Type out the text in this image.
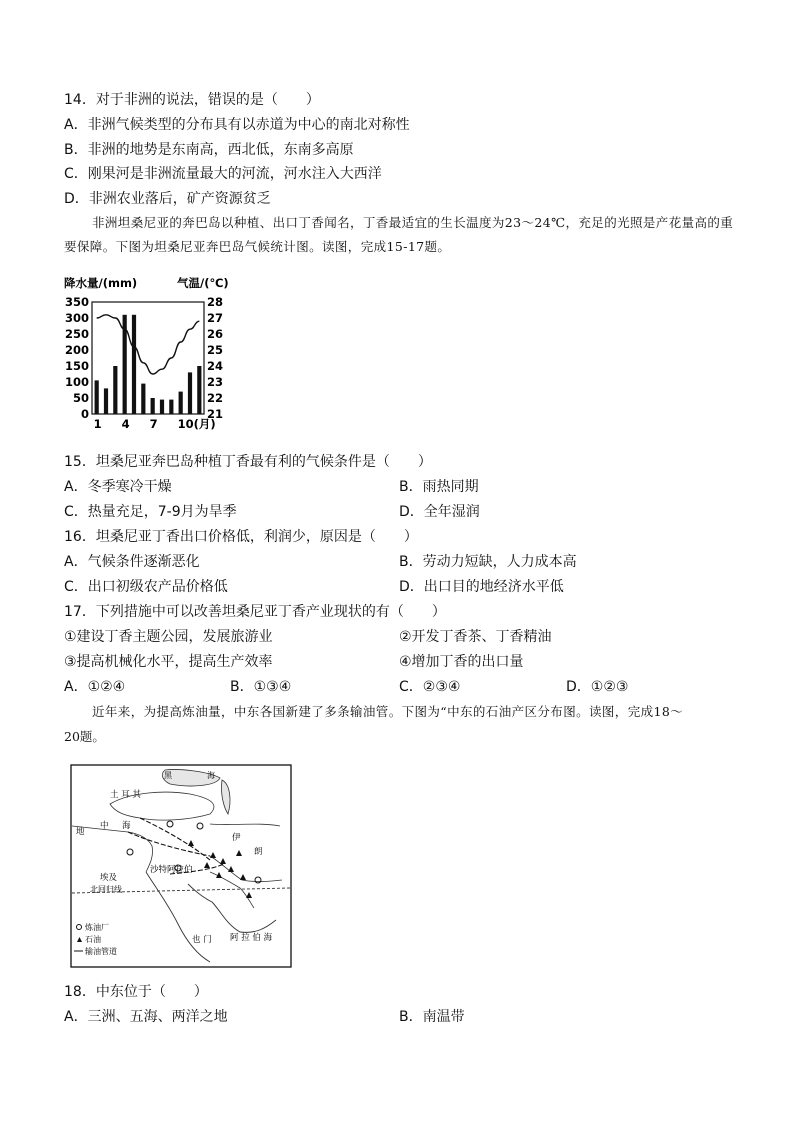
14．对于非洲的说法，错误的是（　　）
A．非洲气候类型的分布具有以赤道为中心的南北对称性
B．非洲的地势是东南高，西北低，东南多高原
C．刚果河是非洲流量最大的河流，河水注入大西洋
D．非洲农业落后，矿产资源贫乏
非洲坦桑尼亚的奔巴岛以种植、出口丁香闻名，丁香最适宜的生长温度为23～24℃，充足的光照是产花量高的重要保障。下图为坦桑尼亚奔巴岛气候统计图。读图，完成15-17题。
降水量/(mm)	气温/(℃)
350
300
250
200
150
100
50
0
28
27
26
25
24
23
22
21
1 4 7 10(月)
15．坦桑尼亚奔巴岛种植丁香最有利的气候条件是（　　）
A．冬季寒冷干燥	B．雨热同期
C．热量充足，7-9月为旱季	D．全年湿润
16．坦桑尼亚丁香出口价格低，利润少，原因是（　　）
A．气候条件逐渐恶化	B．劳动力短缺，人力成本高
C．出口初级农产品价格低	D．出口目的地经济水平低
17．下列措施中可以改善坦桑尼亚丁香产业现状的有（　　）
①建设丁香主题公园，发展旅游业	②开发丁香茶、丁香精油
③提高机械化水平，提高生产效率	④增加丁香的出口量
A．①②④	B．①③④	C．②③④	D．①②③
近年来，为提高炼油量，中东各国新建了多条输油管。下图为“中东的石油产区分布图。读图，完成18～
20题。
黑	海
土 耳 其
地
中 海
伊
朗
埃及
沙特阿拉伯
北回归线
也 门 阿 拉 伯 海
炼油厂
石油
输油管道
18．中东位于（　　）
A．三洲、五海、两洋之地	B．南温带
